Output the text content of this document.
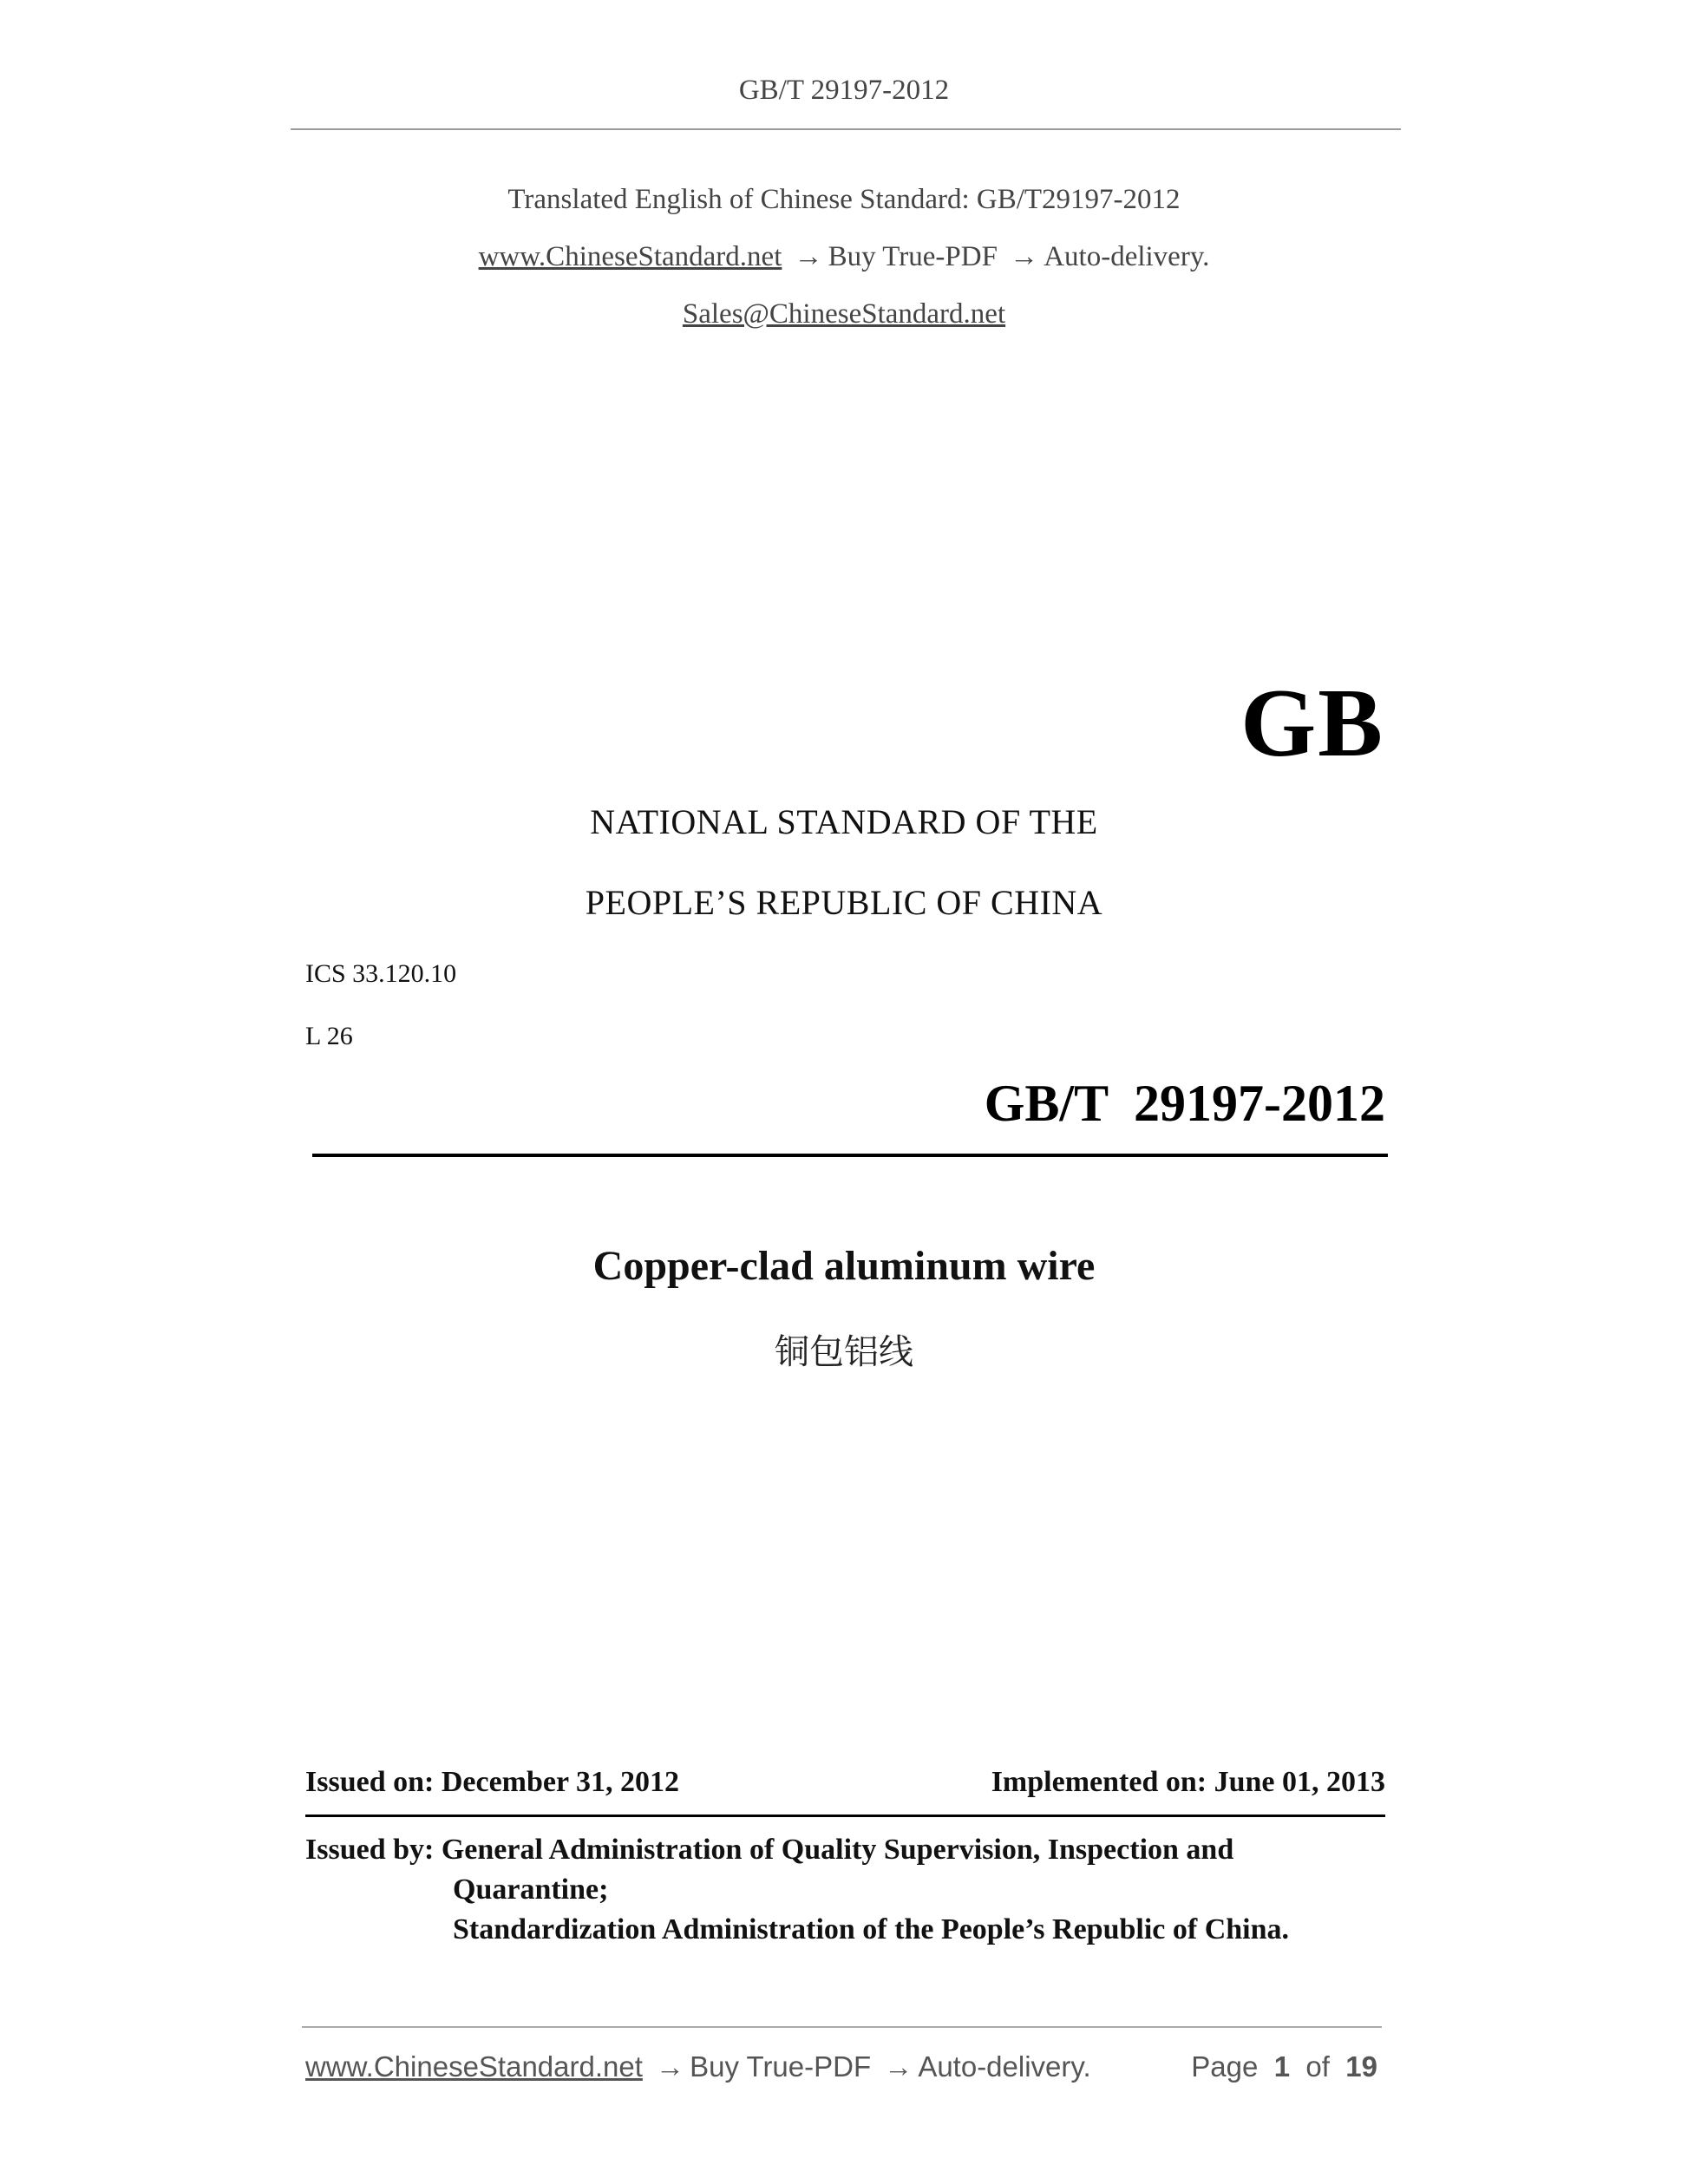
GB/T 29197-2012
Translated English of Chinese Standard: GB/T29197-2012
www.ChineseStandard.net → Buy True-PDF → Auto-delivery.
Sales@ChineseStandard.net
GB
NATIONAL STANDARD OF THE
PEOPLE’S REPUBLIC OF CHINA
ICS 33.120.10
L 26
GB/T  29197-2012
Copper-clad aluminum wire
铜包铝线
Issued on: December 31, 2012	Implemented on: June 01, 2013
Issued by: General Administration of Quality Supervision, Inspection and
Quarantine;
Standardization Administration of the People’s Republic of China.
www.ChineseStandard.net → Buy True-PDF → Auto-delivery.	Page 1 of 19
